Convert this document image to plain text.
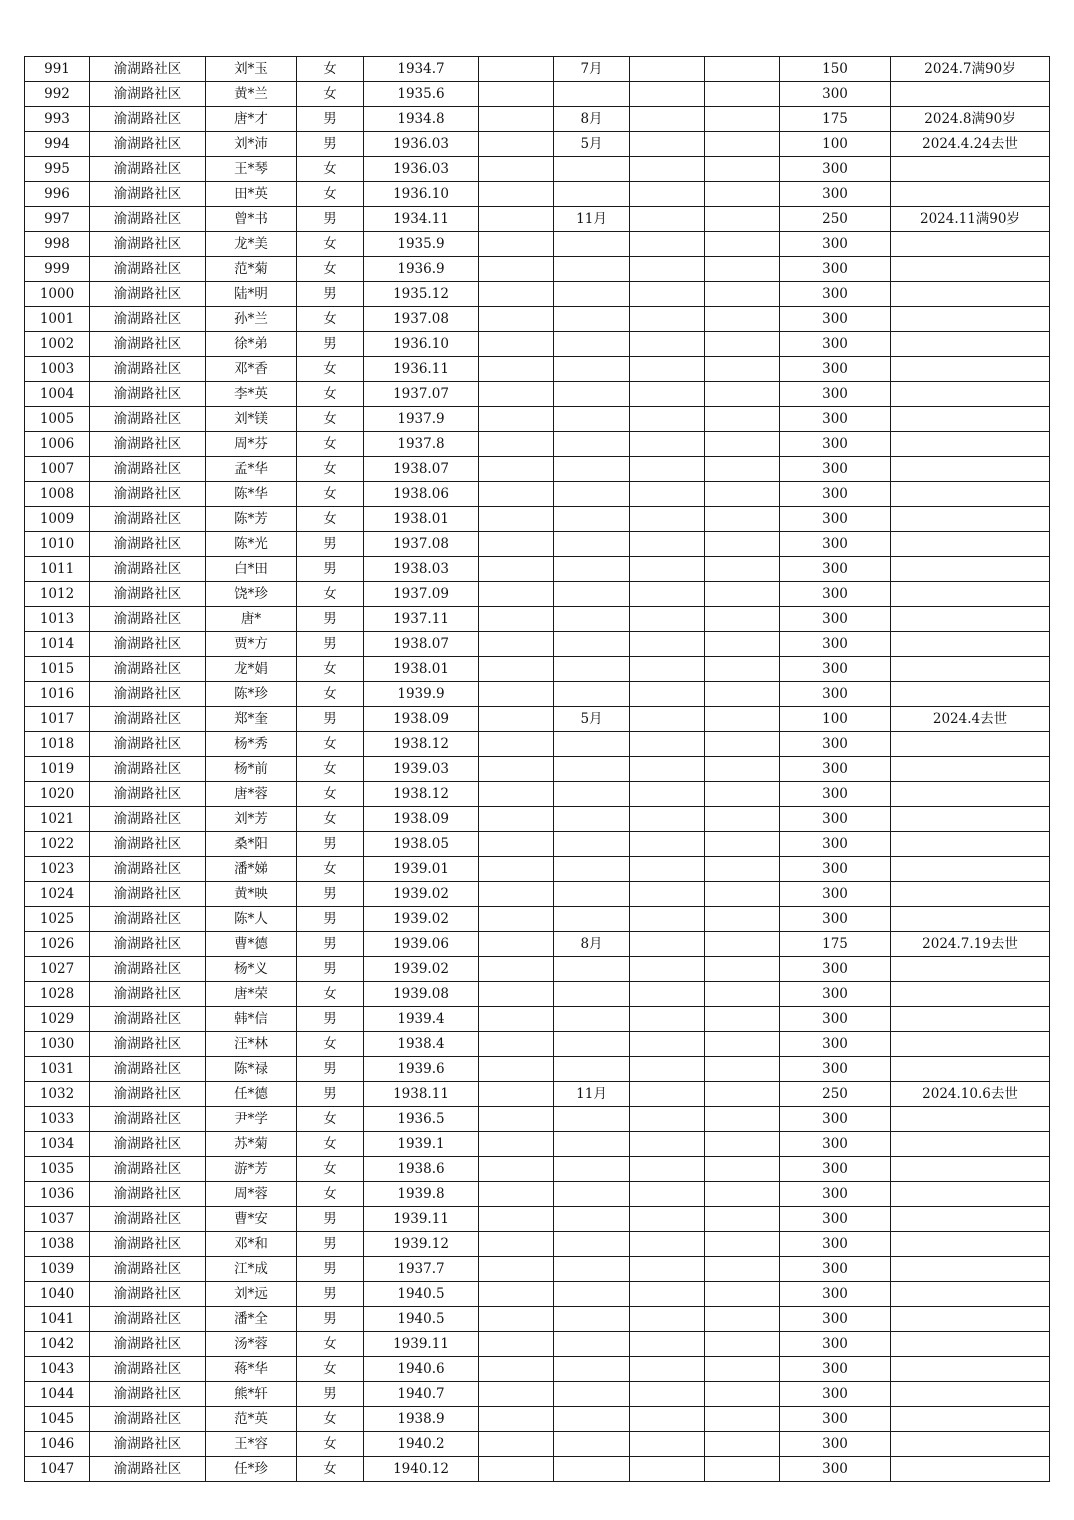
991	渝湖路社区	刘*玉	女	1934.7		7月			150	2024.7满90岁
992	渝湖路社区	黄*兰	女	1935.6					300	
993	渝湖路社区	唐*才	男	1934.8		8月			175	2024.8满90岁
994	渝湖路社区	刘*沛	男	1936.03		5月			100	2024.4.24去世
995	渝湖路社区	王*琴	女	1936.03					300	
996	渝湖路社区	田*英	女	1936.10					300	
997	渝湖路社区	曾*书	男	1934.11		11月			250	2024.11满90岁
998	渝湖路社区	龙*美	女	1935.9					300	
999	渝湖路社区	范*菊	女	1936.9					300	
1000	渝湖路社区	陆*明	男	1935.12					300	
1001	渝湖路社区	孙*兰	女	1937.08					300	
1002	渝湖路社区	徐*弟	男	1936.10					300	
1003	渝湖路社区	邓*香	女	1936.11					300	
1004	渝湖路社区	李*英	女	1937.07					300	
1005	渝湖路社区	刘*镁	女	1937.9					300	
1006	渝湖路社区	周*芬	女	1937.8					300	
1007	渝湖路社区	孟*华	女	1938.07					300	
1008	渝湖路社区	陈*华	女	1938.06					300	
1009	渝湖路社区	陈*芳	女	1938.01					300	
1010	渝湖路社区	陈*光	男	1937.08					300	
1011	渝湖路社区	白*田	男	1938.03					300	
1012	渝湖路社区	饶*珍	女	1937.09					300	
1013	渝湖路社区	唐*	男	1937.11					300	
1014	渝湖路社区	贾*方	男	1938.07					300	
1015	渝湖路社区	龙*娟	女	1938.01					300	
1016	渝湖路社区	陈*珍	女	1939.9					300	
1017	渝湖路社区	郑*奎	男	1938.09		5月			100	2024.4去世
1018	渝湖路社区	杨*秀	女	1938.12					300	
1019	渝湖路社区	杨*前	女	1939.03					300	
1020	渝湖路社区	唐*蓉	女	1938.12					300	
1021	渝湖路社区	刘*芳	女	1938.09					300	
1022	渝湖路社区	桑*阳	男	1938.05					300	
1023	渝湖路社区	潘*娣	女	1939.01					300	
1024	渝湖路社区	黄*映	男	1939.02					300	
1025	渝湖路社区	陈*人	男	1939.02					300	
1026	渝湖路社区	曹*德	男	1939.06		8月			175	2024.7.19去世
1027	渝湖路社区	杨*义	男	1939.02					300	
1028	渝湖路社区	唐*荣	女	1939.08					300	
1029	渝湖路社区	韩*信	男	1939.4					300	
1030	渝湖路社区	汪*林	女	1938.4					300	
1031	渝湖路社区	陈*禄	男	1939.6					300	
1032	渝湖路社区	任*德	男	1938.11		11月			250	2024.10.6去世
1033	渝湖路社区	尹*学	女	1936.5					300	
1034	渝湖路社区	苏*菊	女	1939.1					300	
1035	渝湖路社区	游*芳	女	1938.6					300	
1036	渝湖路社区	周*蓉	女	1939.8					300	
1037	渝湖路社区	曹*安	男	1939.11					300	
1038	渝湖路社区	邓*和	男	1939.12					300	
1039	渝湖路社区	江*成	男	1937.7					300	
1040	渝湖路社区	刘*远	男	1940.5					300	
1041	渝湖路社区	潘*全	男	1940.5					300	
1042	渝湖路社区	汤*蓉	女	1939.11					300	
1043	渝湖路社区	蒋*华	女	1940.6					300	
1044	渝湖路社区	熊*轩	男	1940.7					300	
1045	渝湖路社区	范*英	女	1938.9					300	
1046	渝湖路社区	王*容	女	1940.2					300	
1047	渝湖路社区	任*珍	女	1940.12					300	
